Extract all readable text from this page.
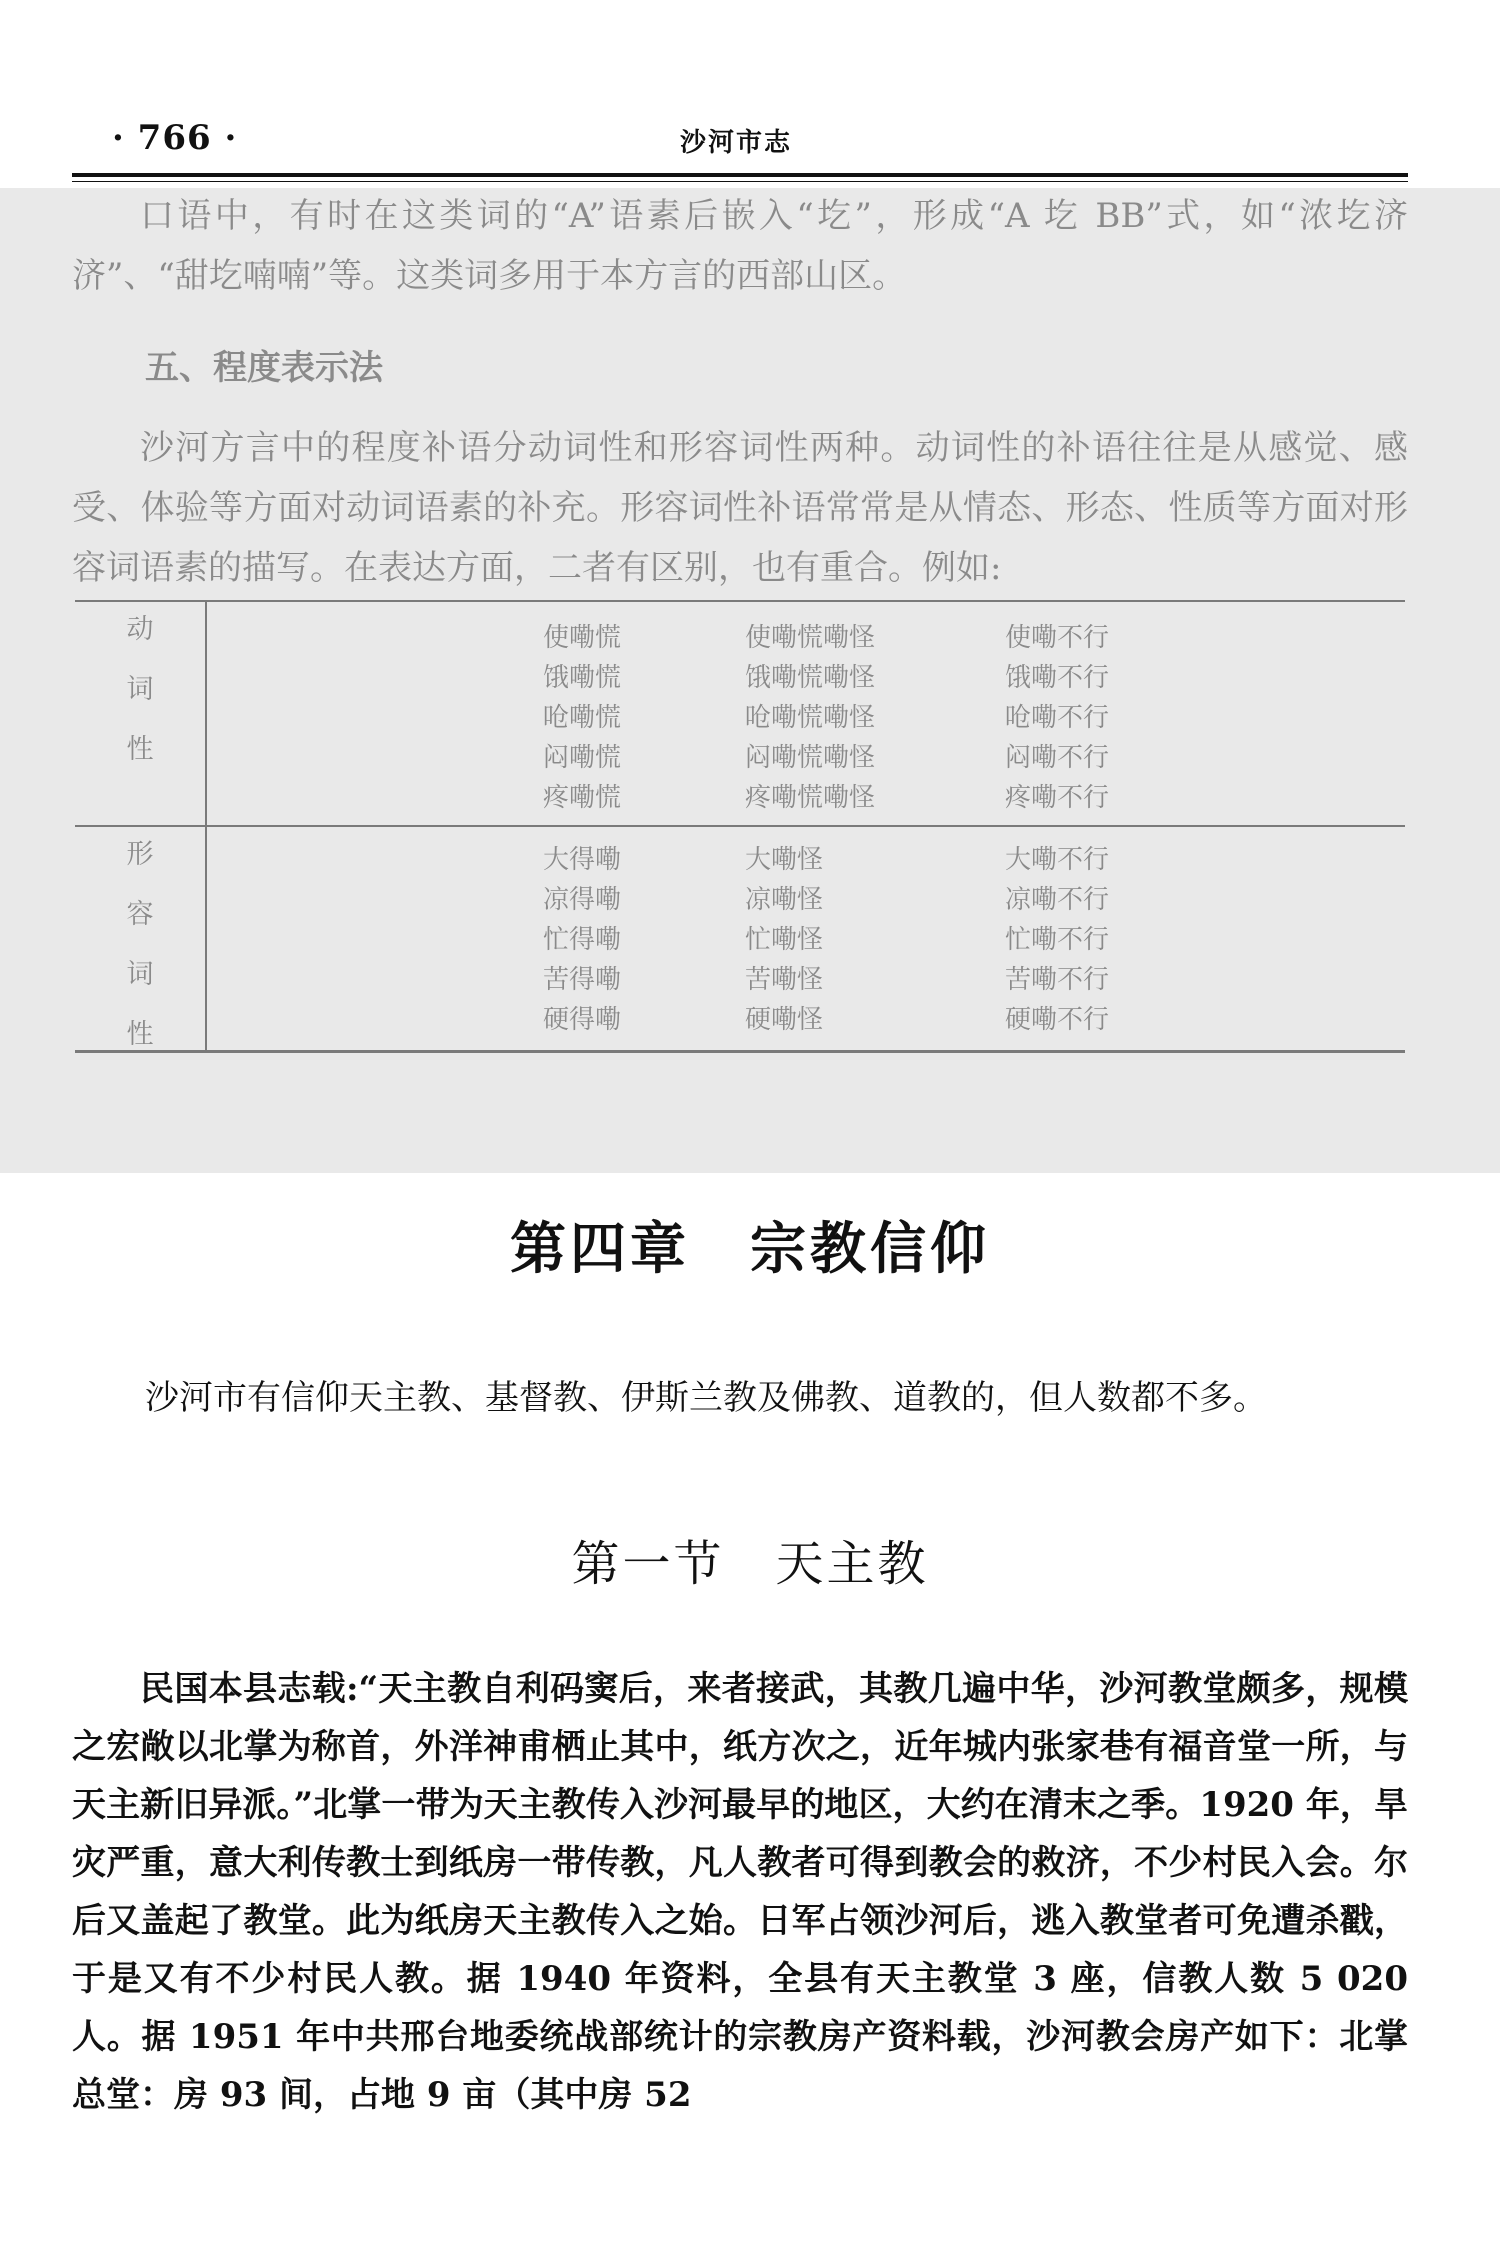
· 766 ·	沙河市志

口语中，有时在这类词的“A”语素后嵌入“圪”，形成“A 圪 BB”式，如“浓圪济济”、“甜圪喃喃”等。这类词多用于本方言的西部山区。

五、程度表示法

沙河方言中的程度补语分动词性和形容词性两种。动词性的补语往往是从感觉、感受、体验等方面对动词语素的补充。形容词性补语常常是从情态、形态、性质等方面对形容词语素的描写。在表达方面，二者有区别，也有重合。例如:

动
词
性
使嘞慌
饿嘞慌
呛嘞慌
闷嘞慌
疼嘞慌
使嘞慌嘞怪
饿嘞慌嘞怪
呛嘞慌嘞怪
闷嘞慌嘞怪
疼嘞慌嘞怪
使嘞不行
饿嘞不行
呛嘞不行
闷嘞不行
疼嘞不行
形
容
词
性
大得嘞
凉得嘞
忙得嘞
苦得嘞
硬得嘞
大嘞怪
凉嘞怪
忙嘞怪
苦嘞怪
硬嘞怪
大嘞不行
凉嘞不行
忙嘞不行
苦嘞不行
硬嘞不行
第四章　宗教信仰
沙河市有信仰天主教、基督教、伊斯兰教及佛教、道教的，但人数都不多。
第一节　天主教

民国本县志载:“天主教自利码窦后，来者接武，其教几遍中华，沙河教堂颇多，规模之宏敞以北掌为称首，外洋神甫栖止其中，纸方次之，近年城内张家巷有福音堂一所，与天主新旧异派。”北掌一带为天主教传入沙河最早的地区，大约在清末之季。1920 年，旱灾严重，意大利传教士到纸房一带传教，凡人教者可得到教会的救济，不少村民入会。尔后又盖起了教堂。此为纸房天主教传入之始。日军占领沙河后，逃入教堂者可免遭杀戳，于是又有不少村民人教。据 1940 年资料，全县有天主教堂 3 座，信教人数 5 020 人。据 1951 年中共邢台地委统战部统计的宗教房产资料载，沙河教会房产如下：北掌总堂：房 93 间，占地 9 亩（其中房 52
